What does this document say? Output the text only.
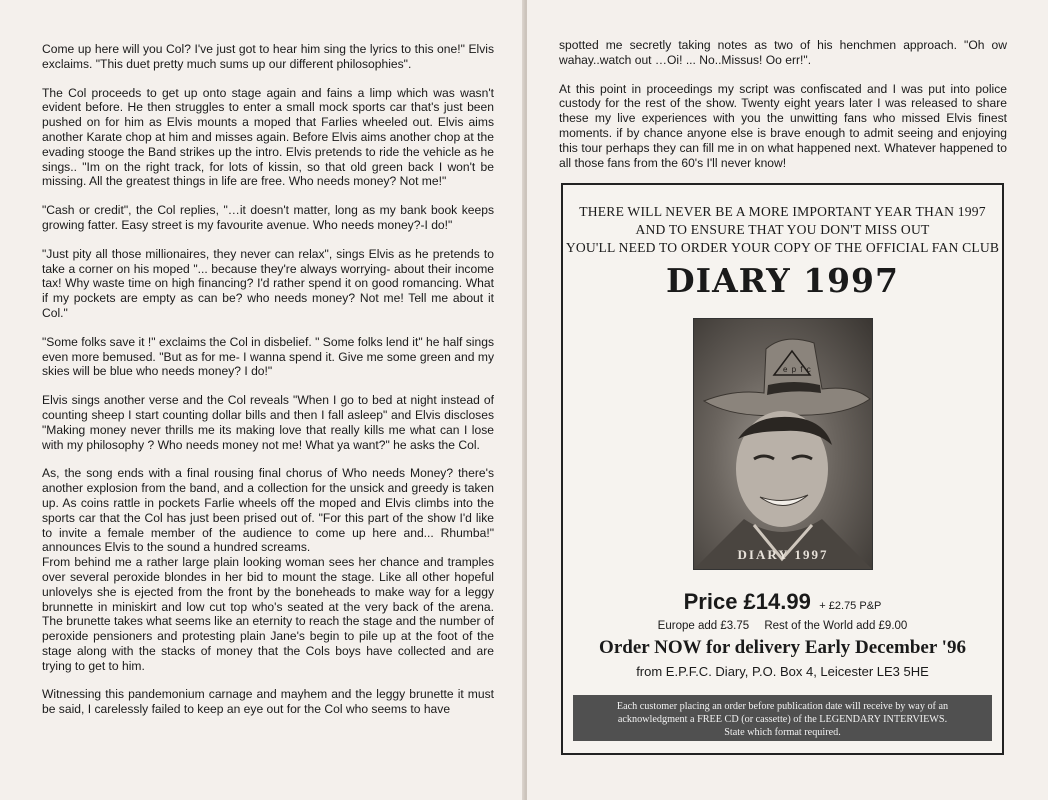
Come up here will you Col? I've just got to hear him sing the lyrics to this one!" Elvis exclaims. "This duet pretty much sums up our different philosophies".

The Col proceeds to get up onto stage again and fains a limp which was wasn't evident before. He then struggles to enter a small mock sports car that's just been pushed on for him as Elvis mounts a moped that Farlies wheeled out. Elvis aims another Karate chop at him and misses again. Before Elvis aims another chop at the evading stooge the Band strikes up the intro. Elvis pretends to ride the vehicle as he sings.. "Im on the right track, for lots of kissin, so that old green back I won't be missing. All the greatest things in life are free. Who needs money? Not me!"

"Cash or credit", the Col replies, "…it doesn't matter, long as my bank book keeps growing fatter. Easy street is my favourite avenue. Who needs money?-I do!"

"Just pity all those millionaires, they never can relax", sings Elvis as he pretends to take a corner on his moped "... because they're always worrying- about their income tax! Why waste time on high financing? I'd rather spend it on good romancing. What if my pockets are empty as can be? who needs money? Not me! Tell me about it Col."

"Some folks save it !" exclaims the Col in disbelief. " Some folks lend it" he half sings even more bemused. "But as for me- I wanna spend it. Give me some green and my skies will be blue who needs money? I do!"

Elvis sings another verse and the Col reveals "When I go to bed at night instead of counting sheep I start counting dollar bills and then I fall asleep" and Elvis discloses "Making money never thrills me its making love that really kills me what can I lose with my philosophy ? Who needs money not me! What ya want?" he asks the Col.

As, the song ends with a final rousing final chorus of Who needs Money? there's another explosion from the band, and a collection for the unsick and greedy is taken up. As coins rattle in pockets Farlie wheels off the moped and Elvis climbs into the sports car that the Col has just been prised out of. "For this part of the show I'd like to invite a female member of the audience to come up here and... Rhumba!" announces Elvis to the sound a hundred screams.

From behind me a rather large plain looking woman sees her chance and tramples over several peroxide blondes in her bid to mount the stage. Like all other hopeful unlovelys she is ejected from the front by the boneheads to make way for a leggy brunnette in miniskirt and low cut top who's seated at the very back of the arena. The brunette takes what seems like an eternity to reach the stage and the number of peroxide pensioners and protesting plain Jane's begin to pile up at the foot of the stage along with the stacks of money that the Cols boys have collected and are trying to get to him.

Witnessing this pandemonium carnage and mayhem and the leggy brunette it must be said, I carelessly failed to keep an eye out for the Col who seems to have

spotted me secretly taking notes as two of his henchmen approach. "Oh ow wahay..watch out …Oi! ... No..Missus! Oo err!".

At this point in proceedings my script was confiscated and I was put into police custody for the rest of the show. Twenty eight years later I was released to share these my live experiences with you the unwitting fans who missed Elvis finest moments. if by chance anyone else is brave enough to admit seeing and enjoying this tour perhaps they can fill me in on what happened next. Whatever happened to all those fans from the 60's I'll never know!

THERE WILL NEVER BE A MORE IMPORTANT YEAR THAN 1997
AND TO ENSURE THAT YOU DON'T MISS OUT
YOU'LL NEED TO ORDER YOUR COPY OF THE OFFICIAL FAN CLUB
DIARY 1997
e p f c
DIARY 1997
Price £14.99 + £2.75 P&P
Europe add £3.75 Rest of the World add £9.00
Order NOW for delivery Early December '96
from E.P.F.C. Diary, P.O. Box 4, Leicester LE3 5HE
Each customer placing an order before publication date will receive by way of an
acknowledgment a FREE CD (or cassette) of the LEGENDARY INTERVIEWS.
State which format required.
